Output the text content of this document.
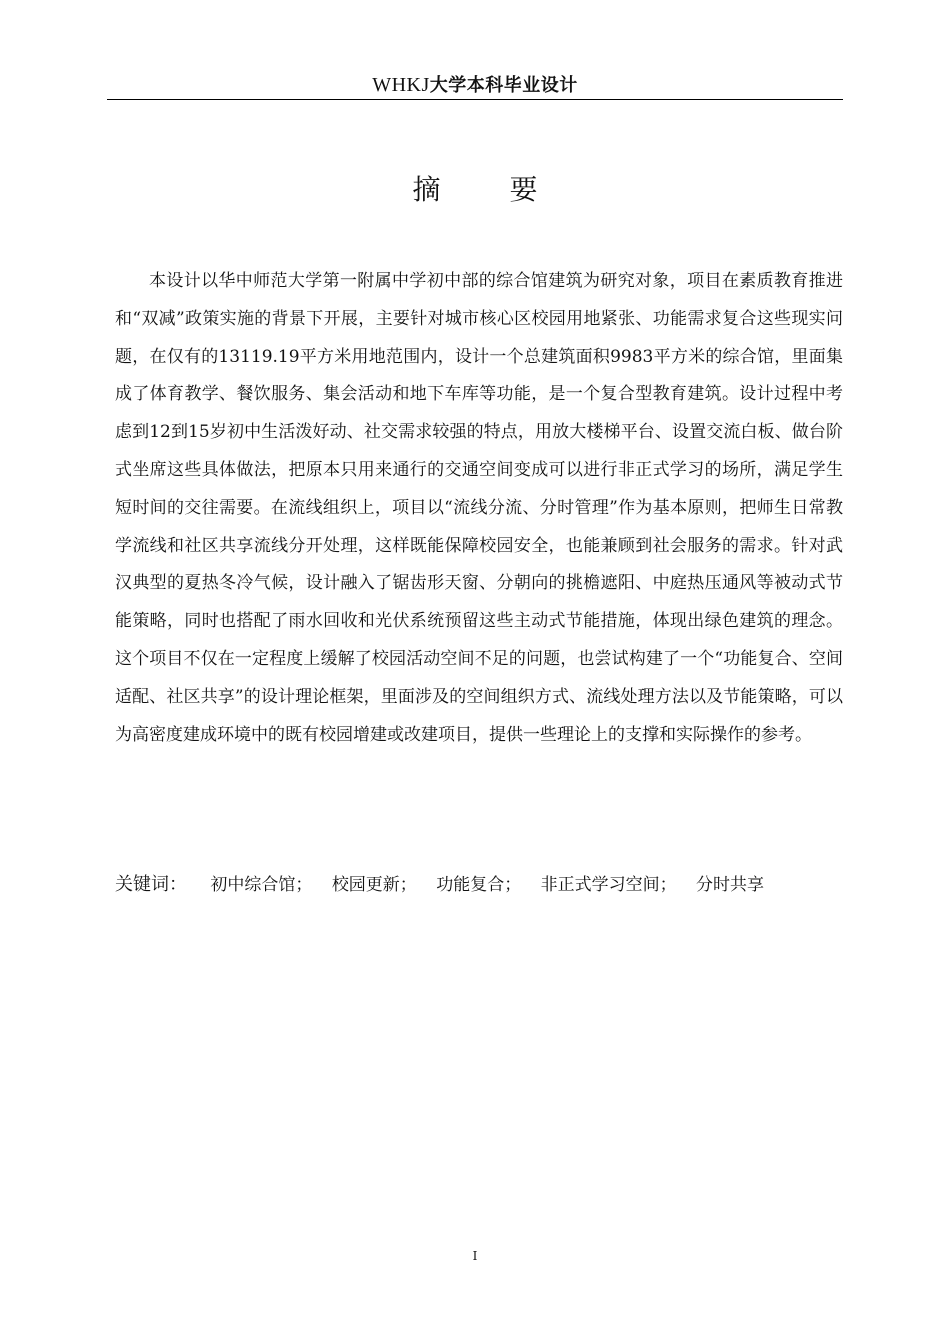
WHKJ大学本科毕业设计
摘 要

本设计以华中师范大学第一附属中学初中部的综合馆建筑为研究对象，项目在素质教育推进和“双减”政策实施的背景下开展，主要针对城市核心区校园用地紧张、功能需求复合这些现实问题，在仅有的13119.19平方米用地范围内，设计一个总建筑面积9983平方米的综合馆，里面集成了体育教学、餐饮服务、集会活动和地下车库等功能，是一个复合型教育建筑。设计过程中考虑到12到15岁初中生活泼好动、社交需求较强的特点，用放大楼梯平台、设置交流白板、做台阶式坐席这些具体做法，把原本只用来通行的交通空间变成可以进行非正式学习的场所，满足学生短时间的交往需要。在流线组织上，项目以“流线分流、分时管理”作为基本原则，把师生日常教学流线和社区共享流线分开处理，这样既能保障校园安全，也能兼顾到社会服务的需求。针对武汉典型的夏热冬冷气候，设计融入了锯齿形天窗、分朝向的挑檐遮阳、中庭热压通风等被动式节能策略，同时也搭配了雨水回收和光伏系统预留这些主动式节能措施，体现出绿色建筑的理念。这个项目不仅在一定程度上缓解了校园活动空间不足的问题，也尝试构建了一个“功能复合、空间适配、社区共享”的设计理论框架，里面涉及的空间组织方式、流线处理方法以及节能策略，可以为高密度建成环境中的既有校园增建或改建项目，提供一些理论上的支撑和实际操作的参考。

关键词： 初中综合馆； 校园更新； 功能复合； 非正式学习空间； 分时共享
I
